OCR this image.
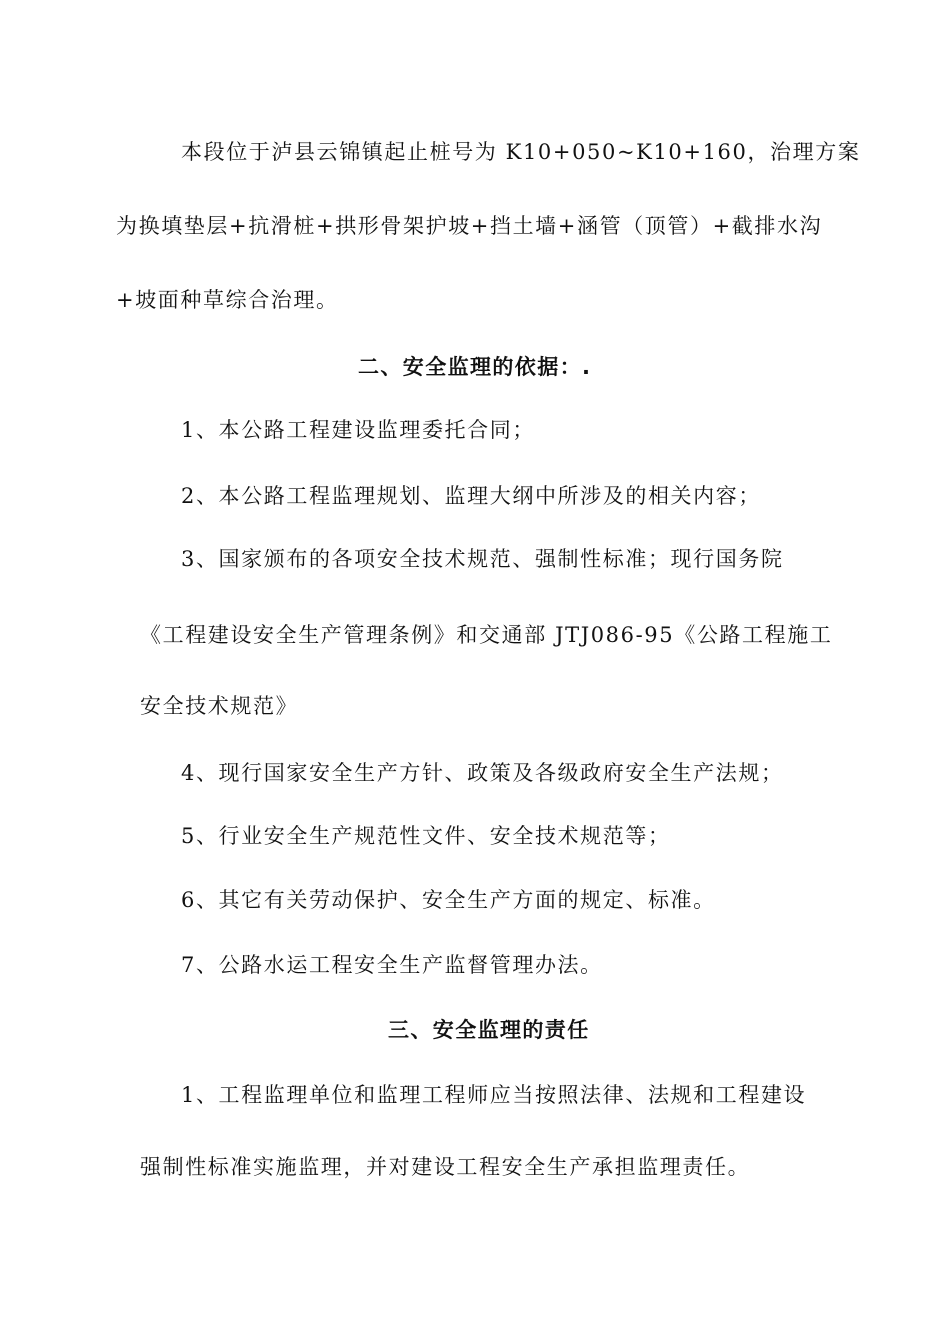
本段位于泸县云锦镇起止桩号为 K10+050~K10+160，治理方案
为换填垫层+抗滑桩+拱形骨架护坡+挡土墙+涵管（顶管）+截排水沟
+坡面种草综合治理。
二、安全监理的依据：.
1、本公路工程建设监理委托合同；
2、本公路工程监理规划、监理大纲中所涉及的相关内容；
3、国家颁布的各项安全技术规范、强制性标准；现行国务院
《工程建设安全生产管理条例》和交通部 JTJ086-95《公路工程施工
安全技术规范》
4、现行国家安全生产方针、政策及各级政府安全生产法规；
5、行业安全生产规范性文件、安全技术规范等；
6、其它有关劳动保护、安全生产方面的规定、标准。
7、公路水运工程安全生产监督管理办法。
三、安全监理的责任
1、工程监理单位和监理工程师应当按照法律、法规和工程建设
强制性标准实施监理，并对建设工程安全生产承担监理责任。
